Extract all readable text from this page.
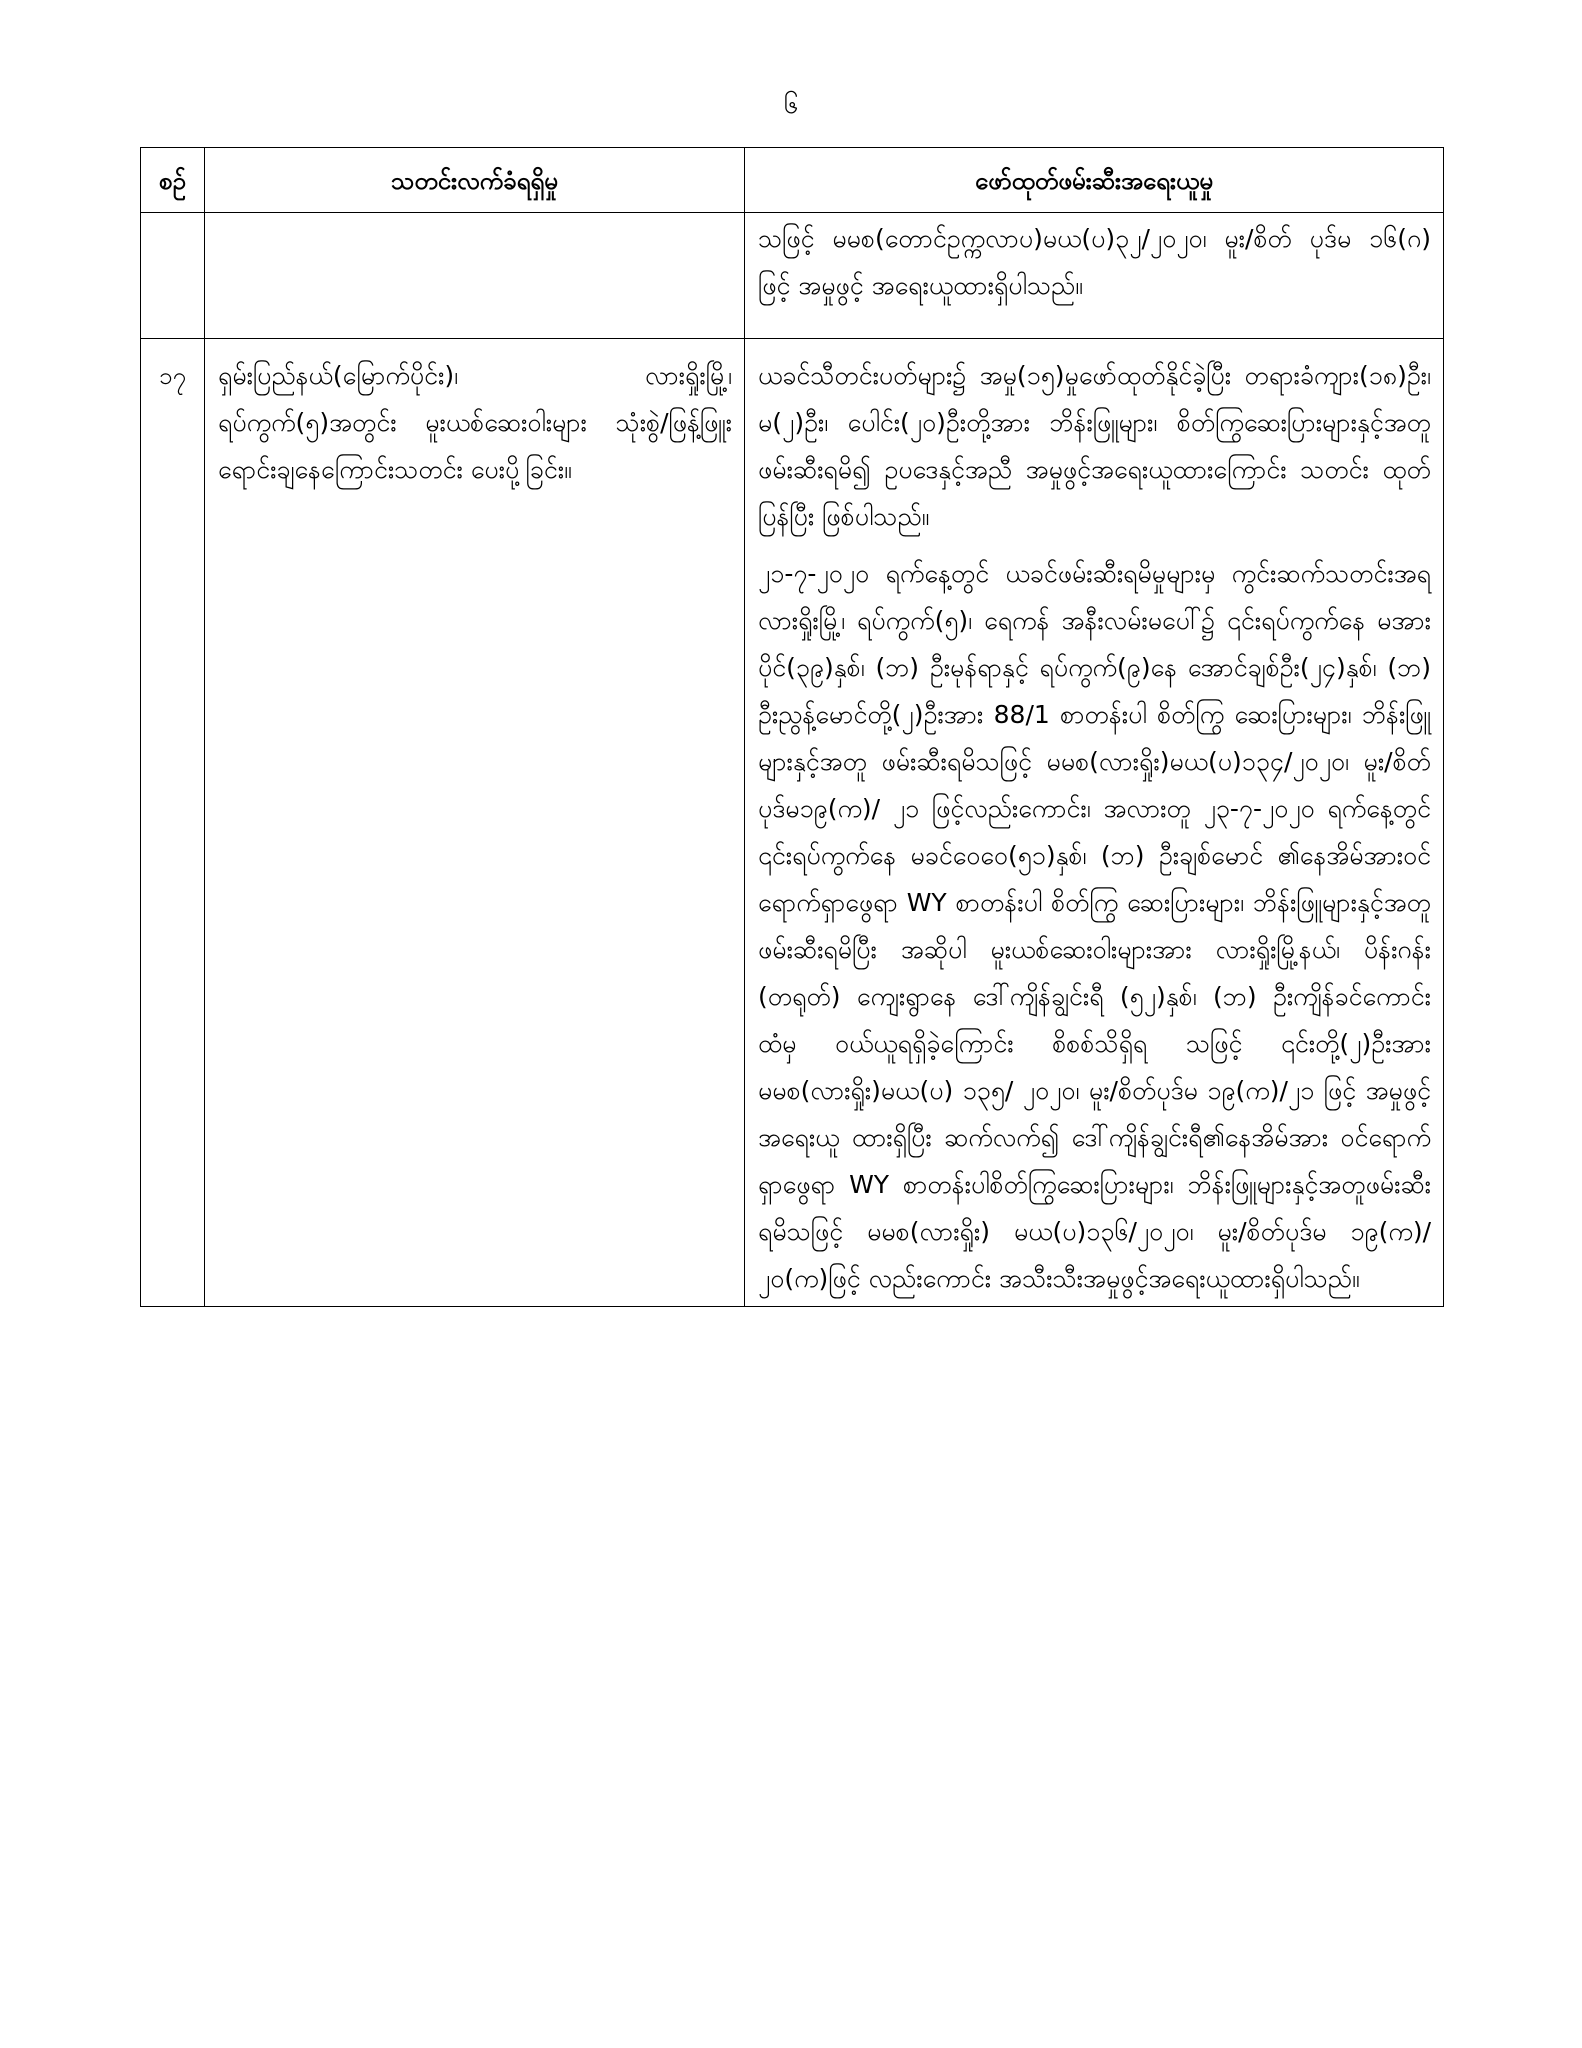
၆
စဉ်	သတင်းလက်ခံရရှိမှု	ဖော်ထုတ်ဖမ်းဆီးအရေးယူမှု

		သဖြင့် မမစ(တောင်ဥက္ကလာပ)မယ(ပ)၃၂/၂၀၂၀၊ မူး/စိတ် ပုဒ်မ ၁၆(ဂ) ဖြင့် အမှုဖွင့် အရေးယူထားရှိပါသည်။

၁၇	ရှမ်းပြည်နယ်(မြောက်ပိုင်း)၊ လားရှိုးမြို့၊ ရပ်ကွက်(၅)အတွင်း မူးယစ်ဆေးဝါးများ သုံးစွဲ/ဖြန့်ဖြူး ရောင်းချနေကြောင်းသတင်း ပေးပို့ခြင်း။	ယခင်သီတင်းပတ်များ၌ အမှု(၁၅)မှုဖော်ထုတ်နိုင်ခဲ့ပြီး တရားခံကျား(၁၈)ဦး၊ မ(၂)ဦး၊ ပေါင်း(၂၀)ဦးတို့အား ဘိန်းဖြူများ၊ စိတ်ကြွဆေးပြားများနှင့်အတူ ဖမ်းဆီးရမိ၍ ဥပဒေနှင့်အညီ အမှုဖွင့်အရေးယူထားကြောင်း သတင်း ထုတ်ပြန်ပြီး ဖြစ်ပါသည်။
၂၁-၇-၂၀၂၀ ရက်နေ့တွင် ယခင်ဖမ်းဆီးရမိမှုများမှ ကွင်းဆက်သတင်းအရ လားရှိုးမြို့၊ ရပ်ကွက်(၅)၊ ရေကန် အနီးလမ်းမပေါ်၌ ၎င်းရပ်ကွက်နေ မအားပိုင်(၃၉)နှစ်၊ (ဘ) ဦးမုန်ရာနှင့် ရပ်ကွက်(၉)နေ အောင်ချစ်ဦး(၂၄)နှစ်၊ (ဘ) ဦးညွန့်မောင်တို့(၂)ဦးအား 88/1 စာတန်းပါ စိတ်ကြွ ဆေးပြားများ၊ ဘိန်းဖြူများနှင့်အတူ ဖမ်းဆီးရမိသဖြင့် မမစ(လားရှိုး)မယ(ပ)၁၃၄/၂၀၂၀၊ မူး/စိတ်ပုဒ်မ၁၉(က)/ ၂၁ ဖြင့်လည်းကောင်း၊ အလားတူ ၂၃-၇-၂၀၂၀ ရက်နေ့တွင် ၎င်းရပ်ကွက်နေ မခင်ဝေဝေ(၅၁)နှစ်၊ (ဘ) ဦးချစ်မောင် ၏နေအိမ်အားဝင်ရောက်ရှာဖွေရာ WY စာတန်းပါ စိတ်ကြွ ဆေးပြားများ၊ ဘိန်းဖြူများနှင့်အတူ ဖမ်းဆီးရမိပြီး အဆိုပါ မူးယစ်ဆေးဝါးများအား လားရှိုးမြို့နယ်၊ ပိန်းဂန်း (တရုတ်) ကျေးရွာနေ ဒေါ်ကျိန်ချွင်းရီ (၅၂)နှစ်၊ (ဘ) ဦးကျိန်ခင်ကောင်း ထံမှ ဝယ်ယူရရှိခဲ့ကြောင်း စိစစ်သိရှိရ သဖြင့် ၎င်းတို့(၂)ဦးအား မမစ(လားရှိုး)မယ(ပ) ၁၃၅/ ၂၀၂၀၊ မူး/စိတ်ပုဒ်မ ၁၉(က)/၂၁ ဖြင့် အမှုဖွင့်အရေးယူ ထားရှိပြီး ဆက်လက်၍ ဒေါ်ကျိန်ချွင်းရီ၏နေအိမ်အား ဝင်ရောက်ရှာဖွေရာ WY စာတန်းပါစိတ်ကြွဆေးပြားများ၊ ဘိန်းဖြူများနှင့်အတူဖမ်းဆီးရမိသဖြင့် မမစ(လားရှိုး) မယ(ပ)၁၃၆/၂၀၂၀၊ မူး/စိတ်ပုဒ်မ ၁၉(က)/၂၀(က)ဖြင့် လည်းကောင်း အသီးသီးအမှုဖွင့်အရေးယူထားရှိပါသည်။
